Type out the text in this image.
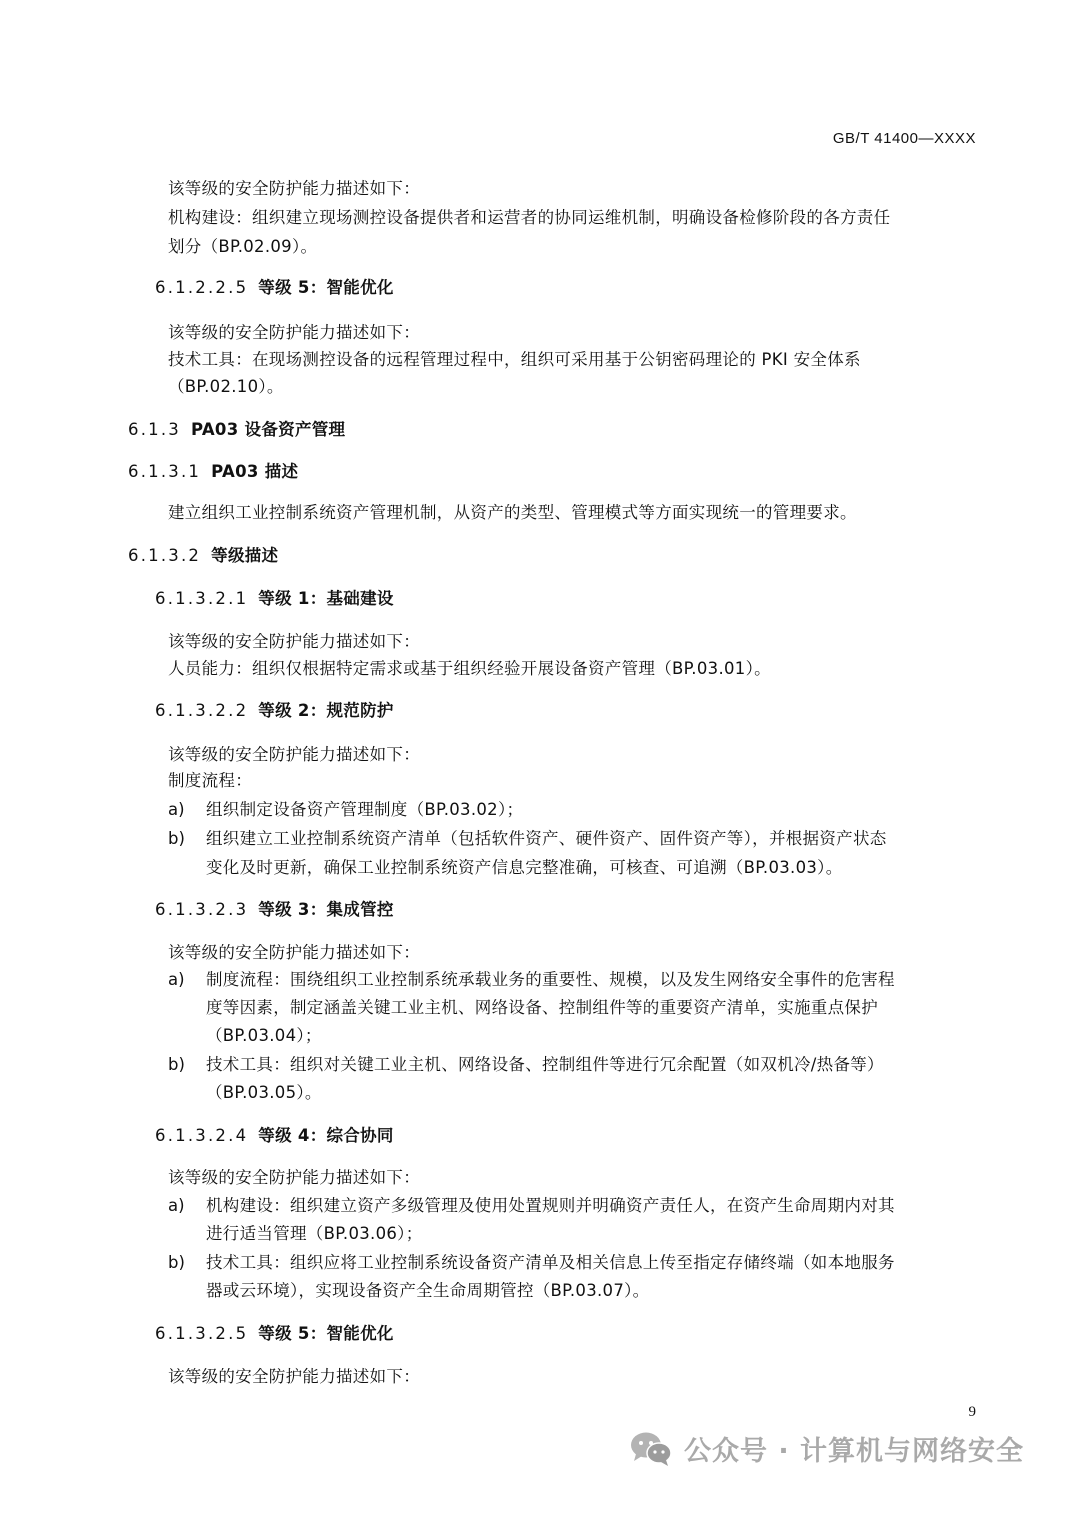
GB/T 41400—XXXX
该等级的安全防护能力描述如下：
机构建设：组织建立现场测控设备提供者和运营者的协同运维机制，明确设备检修阶段的各方责任
划分（BP.02.09）。
6.1.2.2.5 等级 5：智能优化
该等级的安全防护能力描述如下：
技术工具：在现场测控设备的远程管理过程中，组织可采用基于公钥密码理论的 PKI 安全体系
（BP.02.10）。
6.1.3 PA03 设备资产管理
6.1.3.1 PA03 描述
建立组织工业控制系统资产管理机制，从资产的类型、管理模式等方面实现统一的管理要求。
6.1.3.2 等级描述
6.1.3.2.1 等级 1：基础建设
该等级的安全防护能力描述如下：
人员能力：组织仅根据特定需求或基于组织经验开展设备资产管理（BP.03.01）。
6.1.3.2.2 等级 2：规范防护
该等级的安全防护能力描述如下：
制度流程：
a) 组织制定设备资产管理制度（BP.03.02）；
b) 组织建立工业控制系统资产清单（包括软件资产、硬件资产、固件资产等），并根据资产状态
变化及时更新，确保工业控制系统资产信息完整准确，可核查、可追溯（BP.03.03）。
6.1.3.2.3 等级 3：集成管控
该等级的安全防护能力描述如下：
a) 制度流程：围绕组织工业控制系统承载业务的重要性、规模，以及发生网络安全事件的危害程
度等因素，制定涵盖关键工业主机、网络设备、控制组件等的重要资产清单，实施重点保护
（BP.03.04）；
b) 技术工具：组织对关键工业主机、网络设备、控制组件等进行冗余配置（如双机冷/热备等）
（BP.03.05）。
6.1.3.2.4 等级 4：综合协同
该等级的安全防护能力描述如下：
a) 机构建设：组织建立资产多级管理及使用处置规则并明确资产责任人，在资产生命周期内对其
进行适当管理（BP.03.06）；
b) 技术工具：组织应将工业控制系统设备资产清单及相关信息上传至指定存储终端（如本地服务
器或云环境），实现设备资产全生命周期管控（BP.03.07）。
6.1.3.2.5 等级 5：智能优化
该等级的安全防护能力描述如下：
9
公众号 · 计算机与网络安全
